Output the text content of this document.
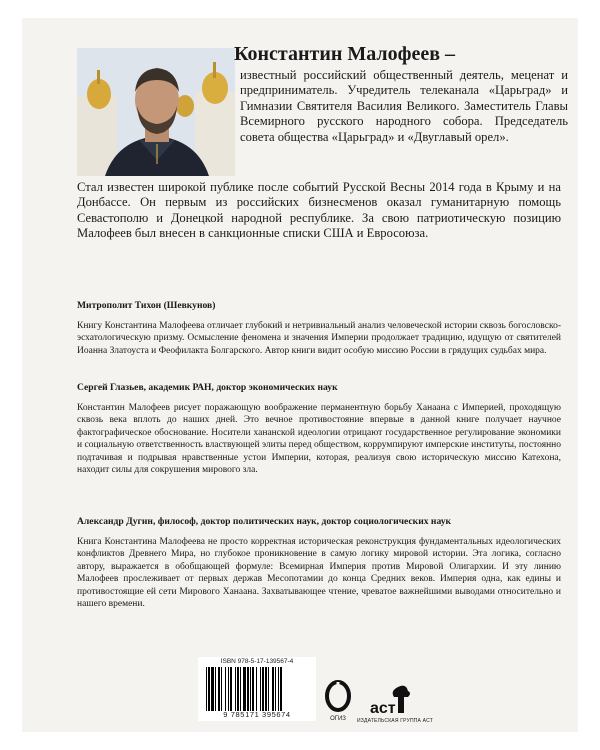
Константин Малофеев –

известный российский общественный деятель, меценат и предприниматель. Учредитель телеканала «Царьград» и Гимназии Святителя Василия Великого. Заместитель Главы Всемирного русского народного собора. Председатель совета общества «Царьград» и «Двуглавый орел».

Стал известен широкой публике после событий Русской Весны 2014 года в Крыму и на Донбассе. Он первым из российских бизнесменов оказал гуманитарную помощь Севастополю и Донецкой народной республике. За свою патриотическую позицию Малофеев был внесен в санкционные списки США и Евросоюза.

Митрополит Тихон (Шевкунов)

Книгу Константина Малофеева отличает глубокий и нетривиальный анализ человеческой истории сквозь богословско-эсхатологическую призму. Осмысление феномена и значения Империи продолжает традицию, идущую от святителей Иоанна Златоуста и Феофилакта Болгарского. Автор книги видит особую миссию России в грядущих судьбах мира.

Сергей Глазьев, академик РАН, доктор экономических наук

Константин Малофеев рисует поражающую воображение перманентную борьбу Ханаана с Империей, проходящую сквозь века вплоть до наших дней. Это вечное противостояние впервые в данной книге получает научное фактографическое обоснование. Носители хананской идеологии отрицают государственное регулирование экономики и социальную ответственность властвующей элиты перед обществом, коррумпируют имперские институты, постоянно подтачивая и подрывая нравственные устои Империи, которая, реализуя свою историческую миссию Катехона, находит силы для сокрушения мирового зла.

Александр Дугин, философ, доктор политических наук, доктор социологических наук

Книга Константина Малофеева не просто корректная историческая реконструкция фундаментальных идеологических конфликтов Древнего Мира, но глубокое проникновение в самую логику мировой истории. Эта логика, согласно автору, выражается в обобщающей формуле: Всемирная Империя против Мировой Олигархии. И эту линию Малофеев прослеживает от первых держав Месопотамии до конца Средних веков. Империя одна, как едины и противостоящие ей сети Мирового Ханаана. Захватывающее чтение, чреватое важнейшими выводами относительно и нашего времени.

ISBN 978-5-17-139567-4
9 785171 395674	ОГИЗ
аст
ИЗДАТЕЛЬСКАЯ ГРУППА АСТ
